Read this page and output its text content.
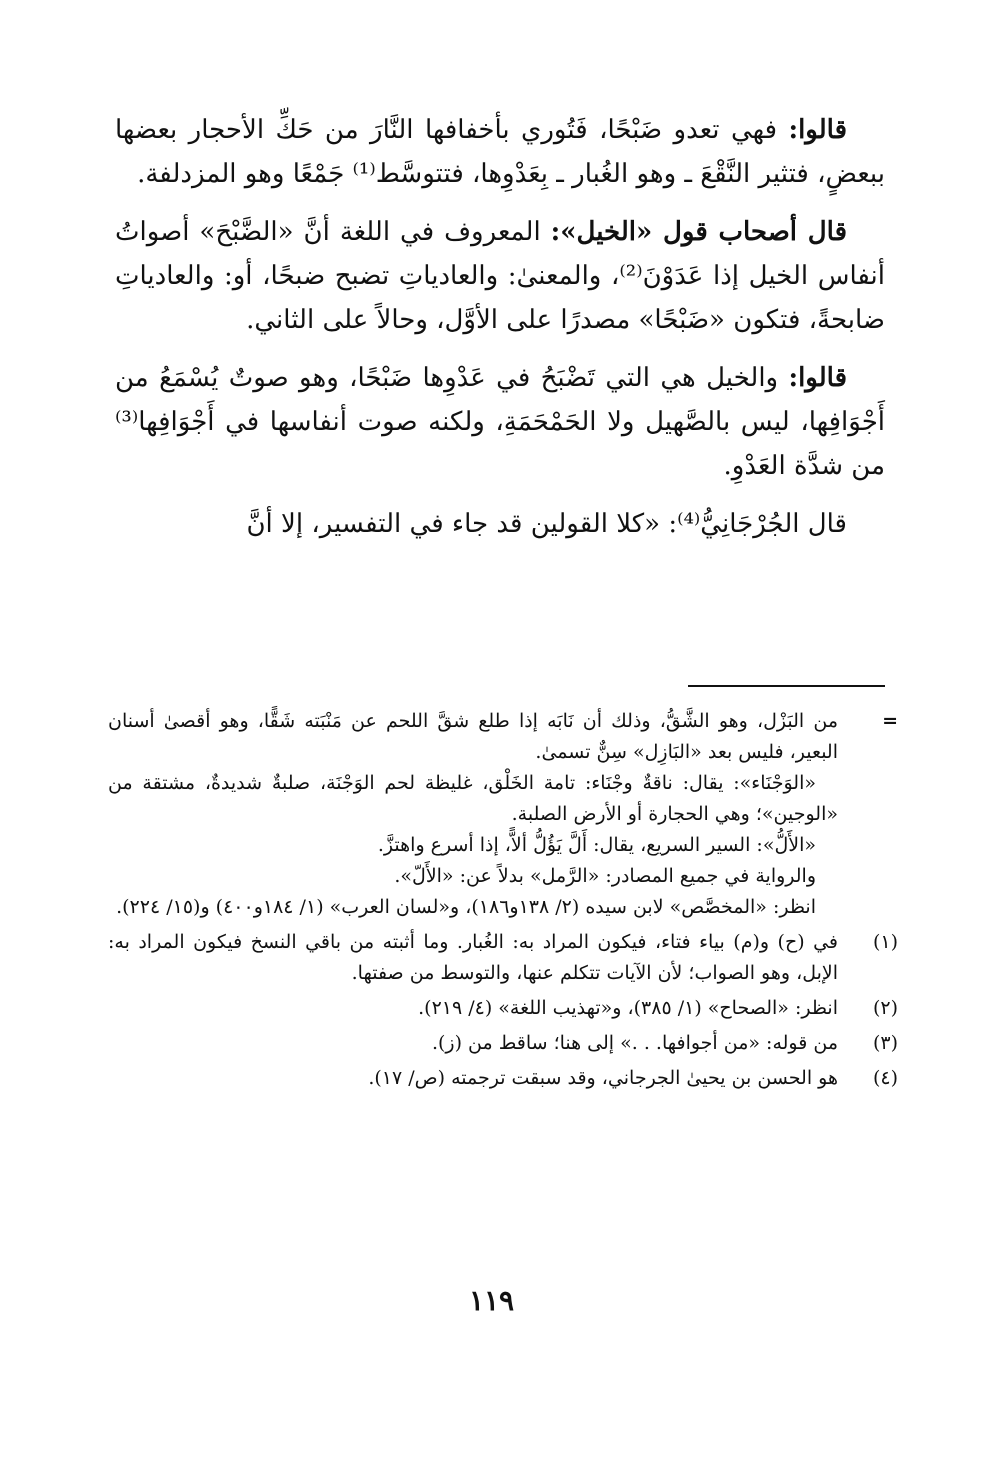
قالوا: فهي تعدو ضَبْحًا، فَتُوري بأخفافها النَّارَ من حَكِّ الأحجار بعضها ببعضٍ، فتثير النَّقْعَ ـ وهو الغُبار ـ بِعَدْوِها، فتتوسَّط⁽¹⁾ جَمْعًا وهو المزدلفة.

قال أصحاب قول «الخيل»: المعروف في اللغة أنَّ «الضَّبْحَ» أصواتُ أنفاس الخيل إذا عَدَوْنَ⁽²⁾، والمعنىٰ: والعادياتِ تضبح ضبحًا، أو: والعادياتِ ضابحةً، فتكون «ضَبْحًا» مصدرًا على الأوَّل، وحالاً على الثاني.

قالوا: والخيل هي التي تَضْبَحُ في عَدْوِها ضَبْحًا، وهو صوتٌ يُسْمَعُ من أَجْوَافِها، ليس بالصَّهيل ولا الحَمْحَمَةِ، ولكنه صوت أنفاسها في أَجْوَافِها⁽³⁾ من شدَّة العَدْوِ.

قال الجُرْجَانِيُّ⁽⁴⁾: «كلا القولين قد جاء في التفسير، إلا أنَّ

=

من البَزْل، وهو الشَّقُّ، وذلك أن نَابَه إذا طلع شقَّ اللحم عن مَنْبَته شَقًّا، وهو أقصىٰ أسنان البعير، فليس بعد «البَازِل» سِنٌّ تسمىٰ.

«الوَجْنَاء»: يقال: ناقةٌ وجْنَاء: تامة الخَلْق، غليظة لحم الوَجْنَة، صلبةٌ شديدةٌ، مشتقة من «الوجين»؛ وهي الحجارة أو الأرض الصلبة.

«الأَلُّ»: السير السريع، يقال: أَلَّ يَؤُلُّ ألاًّ، إذا أسرع واهتزَّ.

والرواية في جميع المصادر: «الرَّمل» بدلاً عن: «الأَلّ».

انظر: «المخصَّص» لابن سيده (٢/ ١٣٨و١٨٦)، و«لسان العرب» (١/ ١٨٤و٤٠٠) و(١٥/ ٢٢٤).

(١)

في (ح) و(م) بياء فتاء، فيكون المراد به: الغُبار. وما أثبته من باقي النسخ فيكون المراد به: الإبل، وهو الصواب؛ لأن الآيات تتكلم عنها، والتوسط من صفتها.

(٢)

انظر: «الصحاح» (١/ ٣٨٥)، و«تهذيب اللغة» (٤/ ٢١٩).

(٣)

من قوله: «من أجوافها. . .» إلى هنا؛ ساقط من (ز).

(٤)

هو الحسن بن يحيىٰ الجرجاني، وقد سبقت ترجمته (ص/ ١٧).

١١٩
